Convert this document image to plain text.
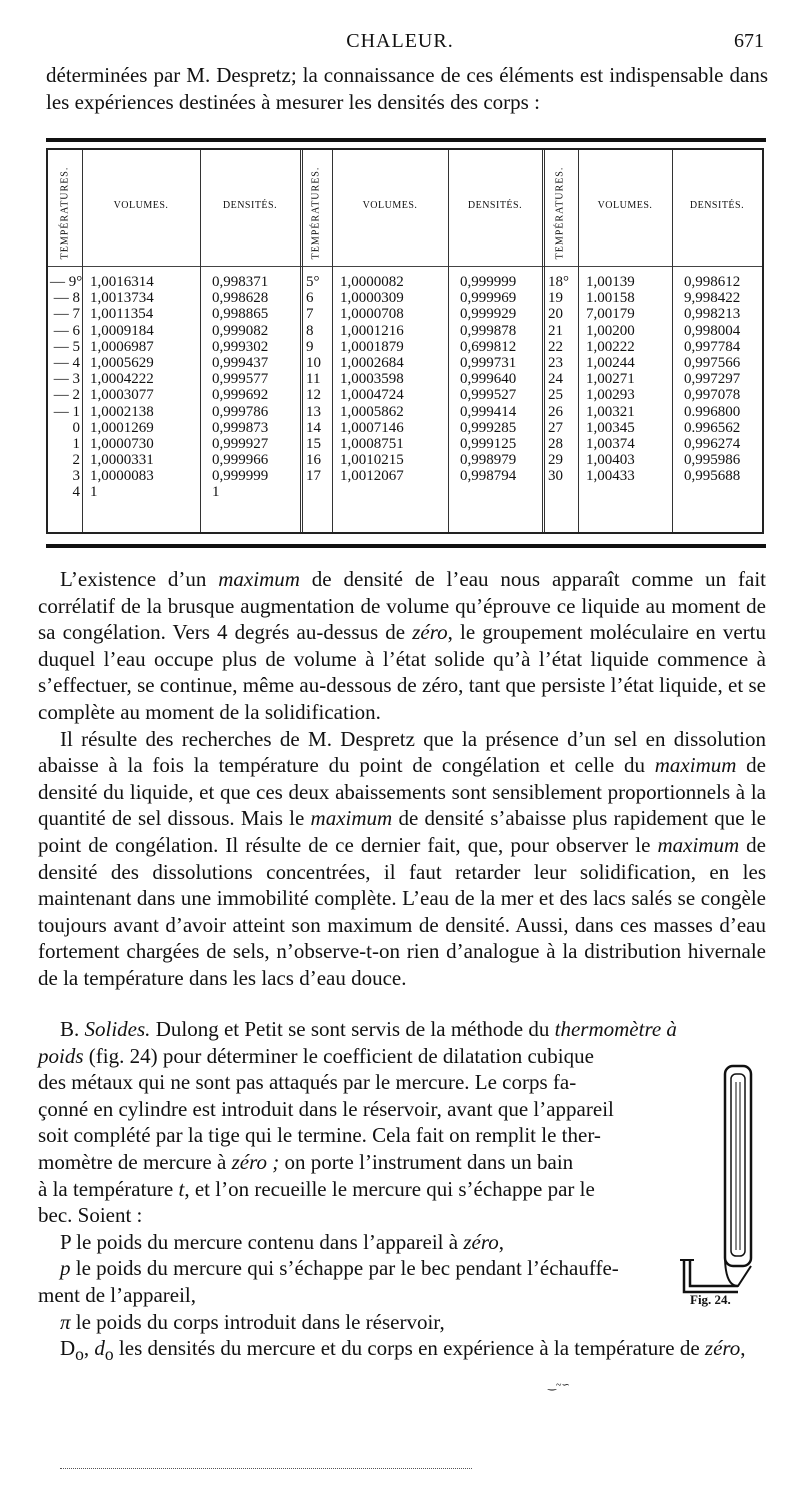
CHALEUR.	671
déterminées par M. Despretz; la connaissance de ces éléments est indispensable dans les expériences destinées à mesurer les densités des corps :
TEMPÉRATURES.	VOLUMES.	DENSITÉS.
— 9° 1,0016314	0,998371
— 8 1,0013734	0,998628
— 7 1,0011354	0,998865
— 6 1,0009184	0,999082
— 5 1,0006987	0,999302
— 4 1,0005629	0,999437
— 3 1,0004222	0,999577
— 2 1,0003077	0,999692
— 1 1,0002138	0,999786
0 1,0001269	0,999873
1 1,0000730	0,999927
2 1,0000331	0,999966
3 1,0000083	0,999999
4 1	1
TEMPÉRATURES.	VOLUMES.	DENSITÉS.
5°	1,0000082	0,999999
6	1,0000309	0,999969
7	1,0000708	0,999929
8	1,0001216	0,999878
9	1,0001879	0,699812
10	1,0002684	0,999731
11	1,0003598	0,999640
12	1,0004724	0,999527
13	1,0005862	0,999414
14	1,0007146	0,999285
15	1,0008751	0,999125
16	1,0010215	0,998979
17	1,0012067	0,998794
TEMPÉRATURES.	VOLUMES.	DENSITÉS.
18°	1,00139	0,998612
19	1.00158	9,998422
20	7,00179	0,998213
21	1,00200	0,998004
22	1,00222	0,997784
23	1,00244	0,997566
24	1,00271	0,997297
25	1,00293	0,997078
26	1,00321	0.996800
27	1,00345	0.996562
28	1,00374	0,996274
29	1,00403	0,995986
30	1,00433	0,995688

L’existence d’un maximum de densité de l’eau nous apparaît comme un fait corrélatif de la brusque augmentation de volume qu’éprouve ce liquide au moment de sa congélation. Vers 4 degrés au-dessus de zéro, le groupement moléculaire en vertu duquel l’eau occupe plus de volume à l’état solide qu’à l’état liquide commence à s’effectuer, se continue, même au-dessous de zéro, tant que persiste l’état liquide, et se complète au moment de la solidification.

Il résulte des recherches de M. Despretz que la présence d’un sel en dissolution abaisse à la fois la température du point de congélation et celle du maximum de densité du liquide, et que ces deux abaissements sont sensiblement proportionnels à la quantité de sel dissous. Mais le maximum de densité s’abaisse plus rapidement que le point de congélation. Il résulte de ce dernier fait, que, pour observer le maximum de densité des dissolutions concentrées, il faut retarder leur solidification, en les maintenant dans une immobilité complète. L’eau de la mer et des lacs salés se congèle toujours avant d’avoir atteint son maximum de densité. Aussi, dans ces masses d’eau fortement chargées de sels, n’observe-t-on rien d’analogue à la distribution hivernale de la température dans les lacs d’eau douce.

B. Solides. Dulong et Petit se sont servis de la méthode du thermomètre à
poids (fig. 24) pour déterminer le coefficient de dilatation cubique
des métaux qui ne sont pas attaqués par le mercure. Le corps fa-
çonné en cylindre est introduit dans le réservoir, avant que l’appareil
soit complété par la tige qui le termine. Cela fait on remplit le ther-
momètre de mercure à zéro ; on porte l’instrument dans un bain
à la température t, et l’on recueille le mercure qui s’échappe par le
bec. Soient :
P le poids du mercure contenu dans l’appareil à zéro,
p le poids du mercure qui s’échappe par le bec pendant l’échauffe-
ment de l’appareil,
π le poids du corps introduit dans le réservoir,
$D_o$, $d_o$ les densités du mercure et du corps en expérience à la température de zéro,
Fig. 24.
‿~∽
